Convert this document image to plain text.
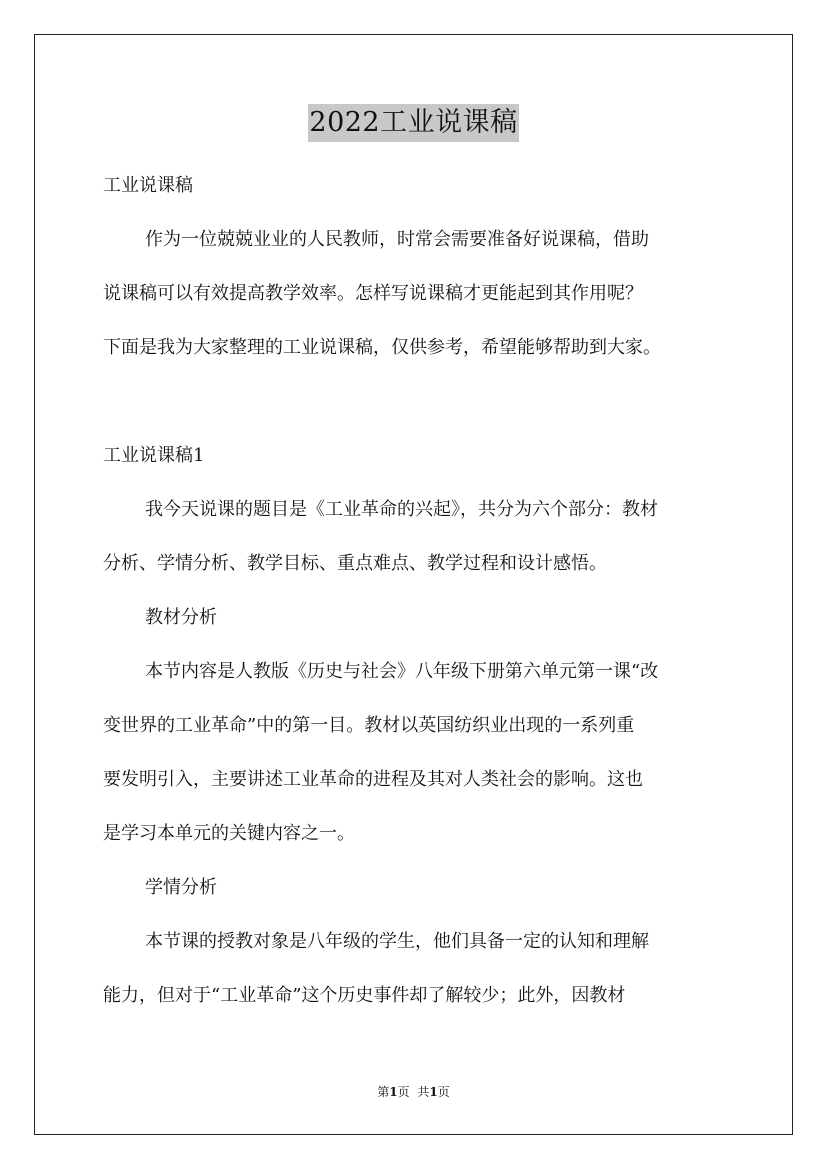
2022工业说课稿

工业说课稿

作为一位兢兢业业的人民教师，时常会需要准备好说课稿，借助

说课稿可以有效提高教学效率。怎样写说课稿才更能起到其作用呢？

下面是我为大家整理的工业说课稿，仅供参考，希望能够帮助到大家。

工业说课稿1

我今天说课的题目是《工业革命的兴起》，共分为六个部分：教材

分析、学情分析、教学目标、重点难点、教学过程和设计感悟。

教材分析

本节内容是人教版《历史与社会》八年级下册第六单元第一课“改

变世界的工业革命”中的第一目。教材以英国纺织业出现的一系列重

要发明引入，主要讲述工业革命的进程及其对人类社会的影响。这也

是学习本单元的关键内容之一。

学情分析

本节课的授教对象是八年级的学生，他们具备一定的认知和理解

能力，但对于“工业革命”这个历史事件却了解较少；此外，因教材

第1页 共1页
